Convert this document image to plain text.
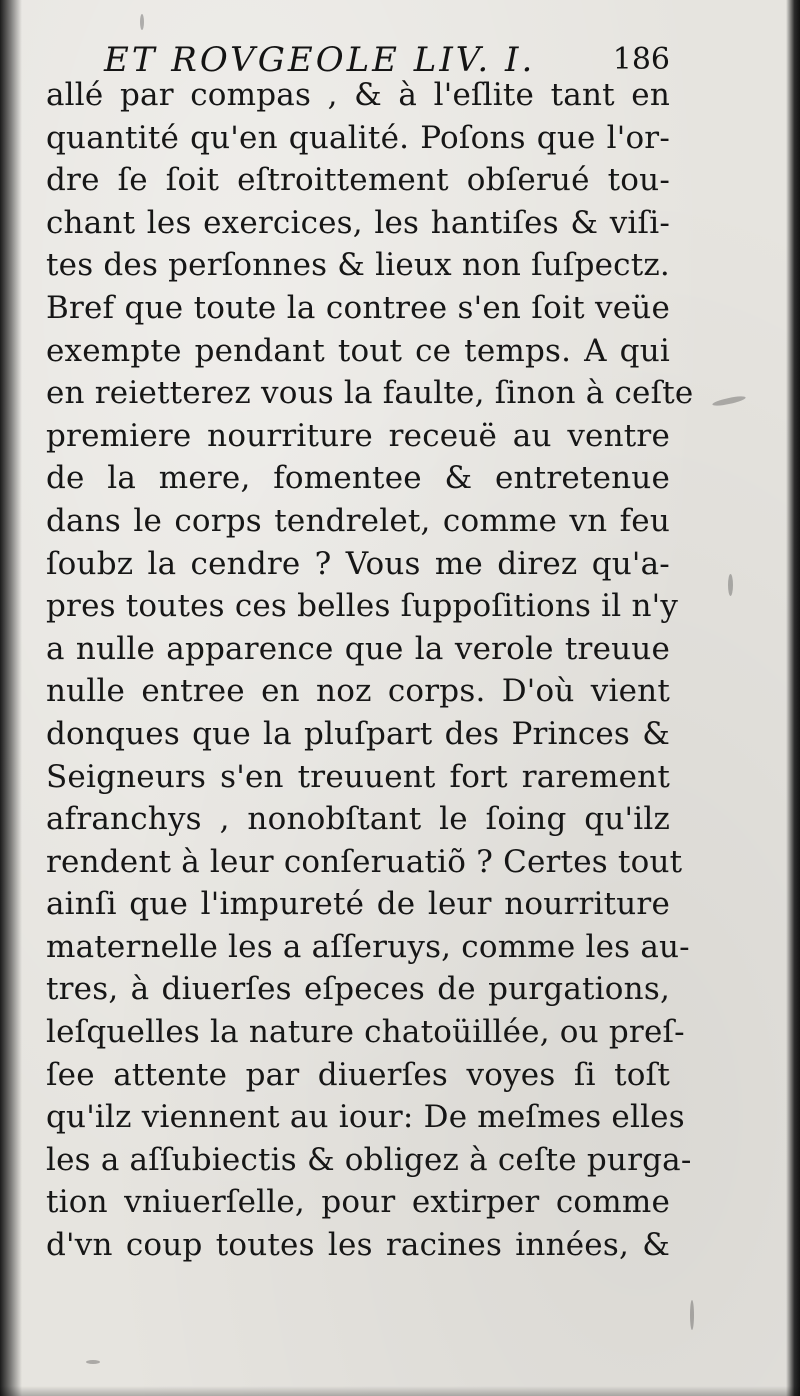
ET ROVGEOLE LIV. I.	186
allé par compas , & à l'eſlite tant en
quantité qu'en qualité. Poſons que l'or-
dre ſe ſoit eſtroittement obſerué tou-
chant les exercices, les hantiſes & viſi-
tes des perſonnes & lieux non ſuſpectz.
Bref que toute la contree s'en ſoit veüe
exempte pendant tout ce temps. A qui
en reietterez vous la faulte, ſinon à ceſte
premiere nourriture receuë au ventre
de la mere, fomentee & entretenue
dans le corps tendrelet, comme vn feu
ſoubz la cendre ? Vous me direz qu'a-
pres toutes ces belles ſuppoſitions il n'y
a nulle apparence que la verole treuue
nulle entree en noz corps. D'où vient
donques que la pluſpart des Princes &
Seigneurs s'en treuuent fort rarement
afranchys , nonobſtant le ſoing qu'ilz
rendent à leur conſeruatiõ ? Certes tout
ainſi que l'impureté de leur nourriture
maternelle les a aſſeruys, comme les au-
tres, à diuerſes eſpeces de purgations,
leſquelles la nature chatoüillée, ou preſ-
ſee attente par diuerſes voyes ſi toſt
qu'ilz viennent au iour: De meſmes elles
les a aſſubiectis & obligez à ceſte purga-
tion vniuerſelle, pour extirper comme
d'vn coup toutes les racines innées, &
